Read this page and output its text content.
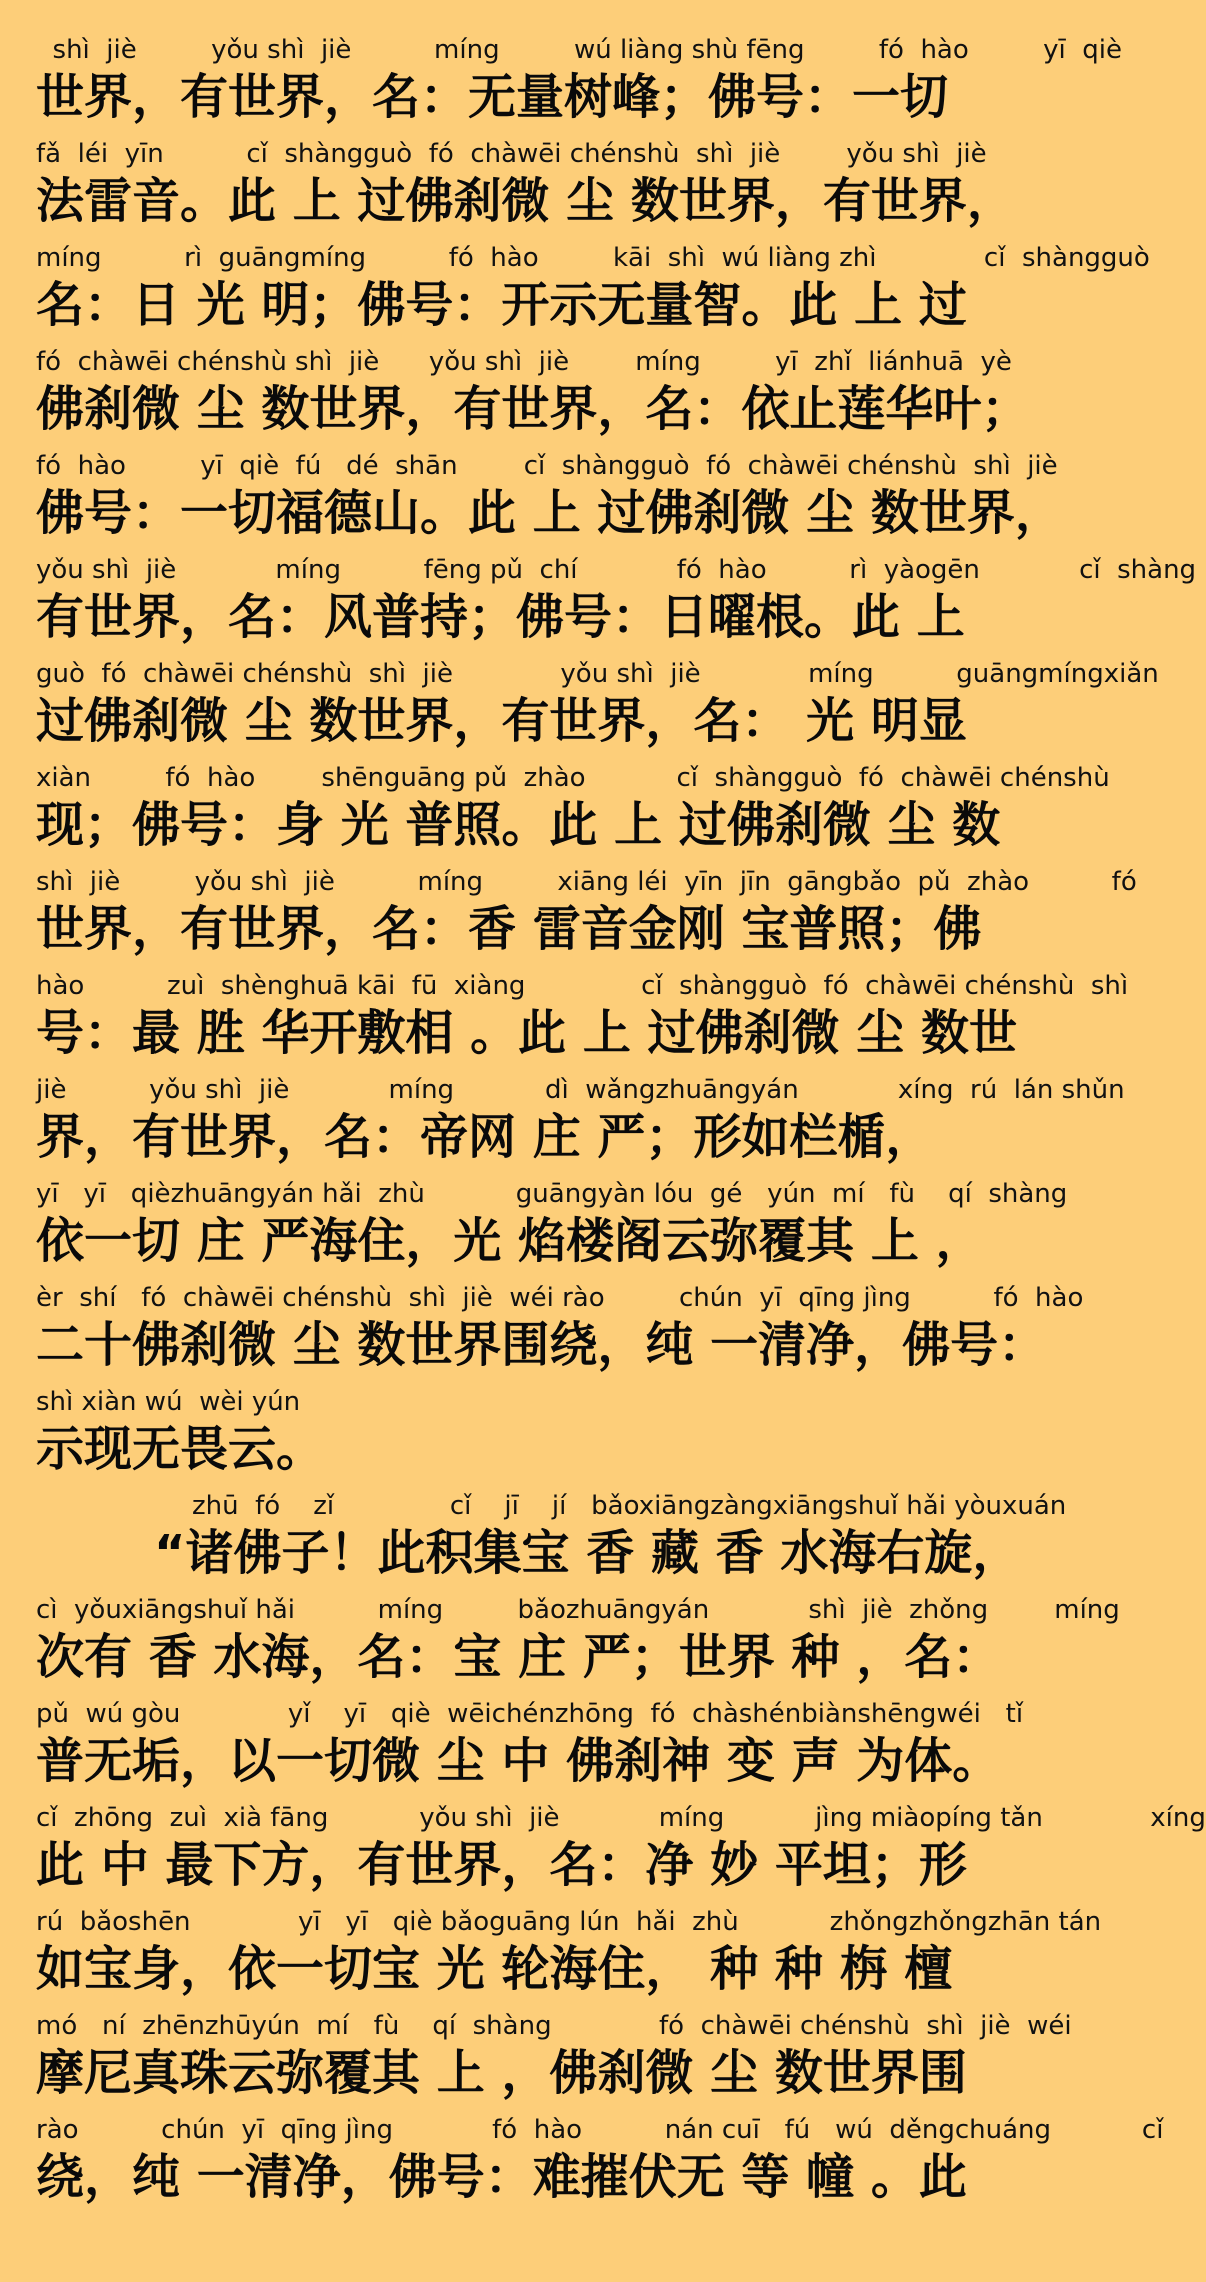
shì  jiè         yǒu shì  jiè          míng         wú liàng shù fēng         fó  hào         yī  qiè
世界，有世界，名：无量树峰；佛号：一切
fǎ  léi  yīn          cǐ  shàngguò  fó  chàwēi chénshù  shì  jiè        yǒu shì  jiè
法雷音。此 上 过佛刹微 尘 数世界，有世界，
míng          rì  guāngmíng          fó  hào         kāi  shì  wú liàng zhì             cǐ  shàngguò
名：日 光 明；佛号：开示无量智。此 上 过
fó  chàwēi chénshù shì  jiè      yǒu shì  jiè        míng         yī  zhǐ  liánhuā  yè
佛刹微 尘 数世界，有世界，名：依止莲华叶；
fó  hào         yī  qiè  fú   dé  shān        cǐ  shàngguò  fó  chàwēi chénshù  shì  jiè
佛号：一切福德山。此 上 过佛刹微 尘 数世界，
yǒu shì  jiè            míng          fēng pǔ  chí            fó  hào          rì  yàogēn            cǐ  shàng
有世界，名：风普持；佛号：日曜根。此 上
guò  fó  chàwēi chénshù  shì  jiè             yǒu shì  jiè             míng          guāngmíngxiǎn
过佛刹微 尘 数世界，有世界，名： 光 明显
xiàn         fó  hào        shēnguāng pǔ  zhào           cǐ  shàngguò  fó  chàwēi chénshù
现；佛号：身 光 普照。此 上 过佛刹微 尘 数
shì  jiè         yǒu shì  jiè          míng         xiāng léi  yīn  jīn  gāngbǎo  pǔ  zhào          fó
世界，有世界，名：香 雷音金刚 宝普照；佛
hào          zuì  shènghuā kāi  fū  xiàng              cǐ  shàngguò  fó  chàwēi chénshù  shì
号：最 胜 华开敷相 。此 上 过佛刹微 尘 数世
jiè          yǒu shì  jiè            míng           dì  wǎngzhuāngyán            xíng  rú  lán shǔn
界，有世界，名：帝网 庄 严；形如栏楯，
yī   yī   qièzhuāngyán hǎi  zhù           guāngyàn lóu  gé   yún  mí   fù    qí  shàng
依一切 庄 严海住，光 焰楼阁云弥覆其 上 ，
èr  shí   fó  chàwēi chénshù  shì  jiè  wéi rào         chún  yī  qīng jìng          fó  hào
二十佛刹微 尘 数世界围绕，纯 一清净，佛号：
shì xiàn wú  wèi yún
示现无畏云。
zhū  fó    zǐ              cǐ    jī    jí   bǎoxiāngzàngxiāngshuǐ hǎi yòuxuán
“诸佛子！此积集宝 香 藏 香 水海右旋，
cì  yǒuxiāngshuǐ hǎi          míng         bǎozhuāngyán            shì  jiè  zhǒng        míng
次有 香 水海，名：宝 庄 严；世界 种 ，名：
pǔ  wú gòu             yǐ    yī   qiè  wēichénzhōng  fó  chàshénbiànshēngwéi   tǐ
普无垢，以一切微 尘 中 佛刹神 变 声 为体。
cǐ  zhōng  zuì  xià fāng           yǒu shì  jiè            míng           jìng miàopíng tǎn             xíng
此 中 最下方，有世界，名：净 妙 平坦；形
rú  bǎoshēn             yī   yī   qiè bǎoguāng lún  hǎi  zhù           zhǒngzhǒngzhān tán
如宝身，依一切宝 光 轮海住， 种 种 栴 檀
mó   ní  zhēnzhūyún  mí   fù    qí  shàng             fó  chàwēi chénshù  shì  jiè  wéi
摩尼真珠云弥覆其 上 ，佛刹微 尘 数世界围
rào          chún  yī  qīng jìng            fó  hào          nán cuī   fú   wú  děngchuáng           cǐ
绕，纯 一清净，佛号：难摧伏无 等 幢 。此
